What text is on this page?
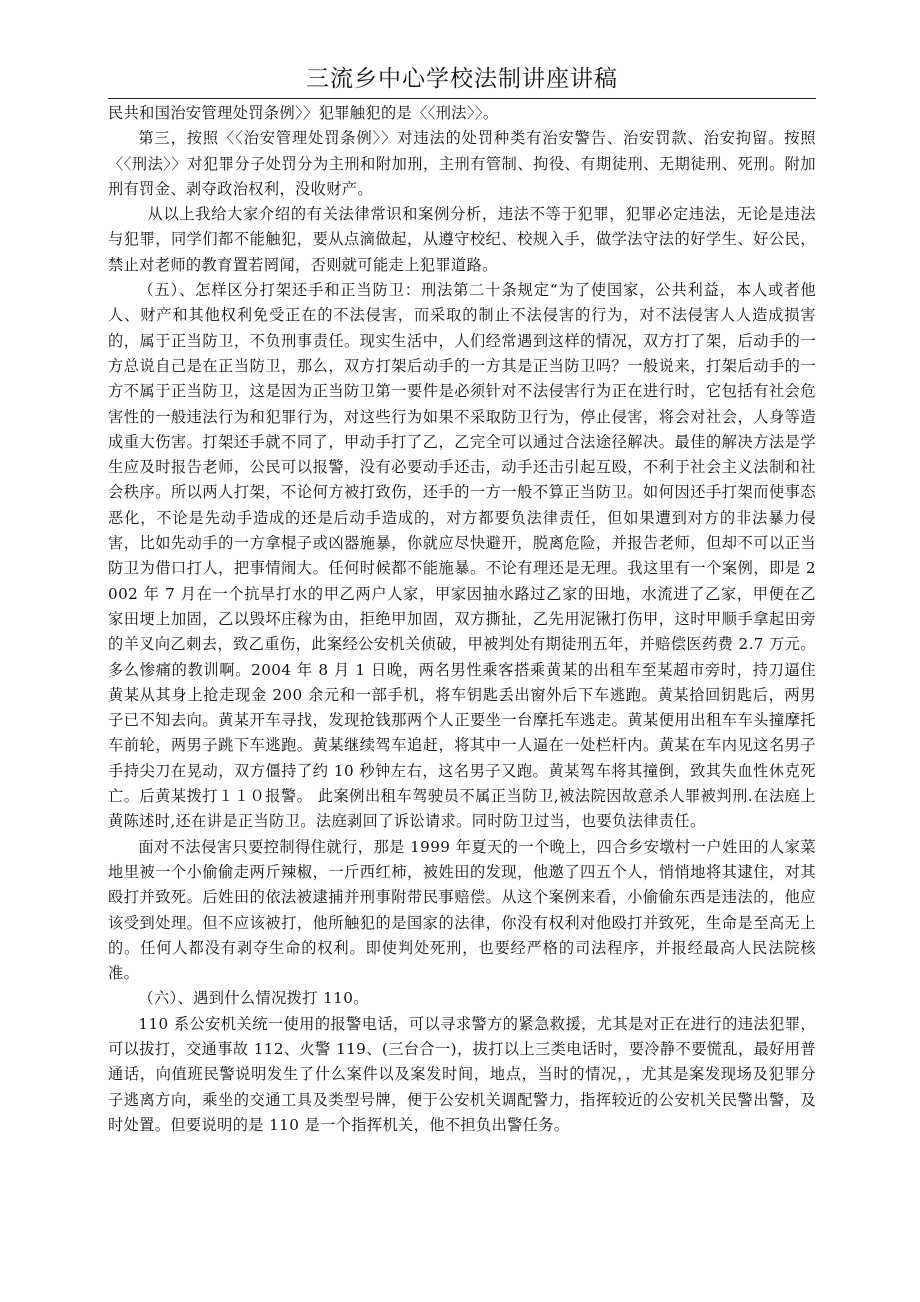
三流乡中心学校法制讲座讲稿

民共和国治安管理处罚条例〉〉犯罪触犯的是〈〈刑法〉〉。

第三，按照〈〈治安管理处罚条例〉〉对违法的处罚种类有治安警告、治安罚款、治安拘留。按照〈〈刑法〉〉对犯罪分子处罚分为主刑和附加刑，主刑有管制、拘役、有期徒刑、无期徒刑、死刑。附加刑有罚金、剥夺政治权利，没收财产。

从以上我给大家介绍的有关法律常识和案例分析，违法不等于犯罪，犯罪必定违法，无论是违法与犯罪，同学们都不能触犯，要从点滴做起，从遵守校纪、校规入手，做学法守法的好学生、好公民，禁止对老师的教育置若罔闻，否则就可能走上犯罪道路。

（五）、怎样区分打架还手和正当防卫：刑法第二十条规定“为了使国家，公共利益，本人或者他人、财产和其他权利免受正在的不法侵害，而采取的制止不法侵害的行为，对不法侵害人人造成损害的，属于正当防卫，不负刑事责任。现实生活中，人们经常遇到这样的情况，双方打了架，后动手的一方总说自己是在正当防卫，那么，双方打架后动手的一方其是正当防卫吗？一般说来，打架后动手的一方不属于正当防卫，这是因为正当防卫第一要件是必须针对不法侵害行为正在进行时，它包括有社会危害性的一般违法行为和犯罪行为，对这些行为如果不采取防卫行为，停止侵害，将会对社会，人身等造成重大伤害。打架还手就不同了，甲动手打了乙，乙完全可以通过合法途径解决。最佳的解决方法是学生应及时报告老师，公民可以报警，没有必要动手还击，动手还击引起互殴，不利于社会主义法制和社会秩序。所以两人打架，不论何方被打致伤，还手的一方一般不算正当防卫。如何因还手打架而使事态恶化，不论是先动手造成的还是后动手造成的，对方都要负法律责任，但如果遭到对方的非法暴力侵害，比如先动手的一方拿棍子或凶器施暴，你就应尽快避开，脱离危险，并报告老师，但却不可以正当防卫为借口打人，把事情闹大。任何时候都不能施暴。不论有理还是无理。我这里有一个案例，即是 2002 年 7 月在一个抗旱打水的甲乙两户人家，甲家因抽水路过乙家的田地，水流进了乙家，甲便在乙家田埂上加固，乙以毁坏庄稼为由，拒绝甲加固，双方撕扯，乙先用泥锹打伤甲，这时甲顺手拿起田旁的羊叉向乙刺去，致乙重伤，此案经公安机关侦破，甲被判处有期徒刑五年，并赔偿医药费 2.7 万元。多么惨痛的教训啊。2004 年 8 月 1 日晚，两名男性乘客搭乘黄某的出租车至某超市旁时，持刀逼住黄某从其身上抢走现金 200 余元和一部手机，将车钥匙丢出窗外后下车逃跑。黄某拾回钥匙后，两男子已不知去向。黄某开车寻找，发现抢钱那两个人正要坐一台摩托车逃走。黄某便用出租车车头撞摩托车前轮，两男子跳下车逃跑。黄某继续驾车追赶，将其中一人逼在一处栏杆内。黄某在车内见这名男子手持尖刀在晃动，双方僵持了约 10 秒钟左右，这名男子又跑。黄某驾车将其撞倒，致其失血性休克死亡。后黄某拨打１１０报警。 此案例出租车驾驶员不属正当防卫,被法院因故意杀人罪被判刑.在法庭上黄陈述时,还在讲是正当防卫。法庭剥回了诉讼请求。同时防卫过当，也要负法律责任。

面对不法侵害只要控制得住就行，那是 1999 年夏天的一个晚上，四合乡安墩村一户姓田的人家菜地里被一个小偷偷走两斤辣椒，一斤西红柿，被姓田的发现，他邀了四五个人，悄悄地将其逮住，对其殴打并致死。后姓田的依法被逮捕并刑事附带民事赔偿。从这个案例来看，小偷偷东西是违法的，他应该受到处理。但不应该被打，他所触犯的是国家的法律，你没有权利对他殴打并致死，生命是至高无上的。任何人都没有剥夺生命的权利。即使判处死刑，也要经严格的司法程序，并报经最高人民法院核准。

（六）、遇到什么情况拨打 110。

110 系公安机关统一使用的报警电话，可以寻求警方的紧急救援，尤其是对正在进行的违法犯罪，可以拔打，交通事故 112、火警 119、(三台合一)，拔打以上三类电话时，要冷静不要慌乱，最好用普通话，向值班民警说明发生了什么案件以及案发时间，地点，当时的情况，，尤其是案发现场及犯罪分子逃离方向，乘坐的交通工具及类型号牌，便于公安机关调配警力，指挥较近的公安机关民警出警，及时处置。但要说明的是 110 是一个指挥机关，他不担负出警任务。
